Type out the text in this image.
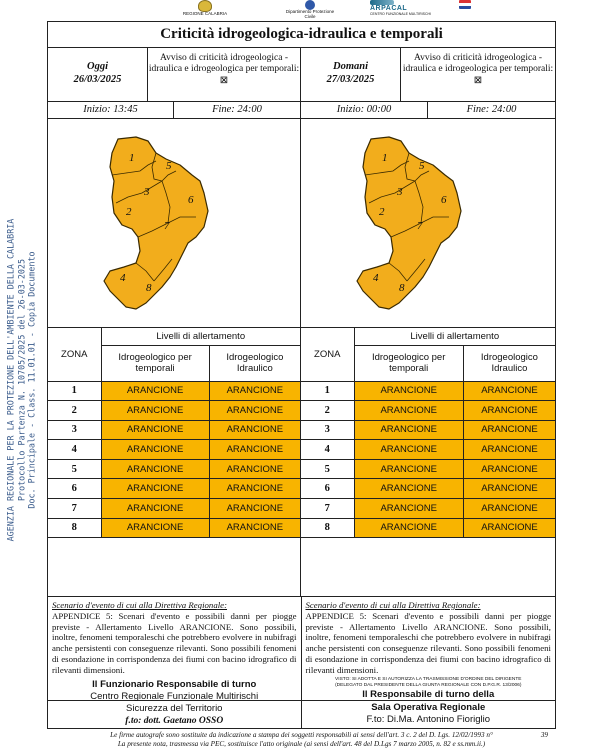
REGIONE CALABRIA	Dipartimento Protezione Civile
ARPACAL
CENTRO FUNZIONALE MULTIRISCHI
AGENZIA REGIONALE PER LA PROTEZIONE DELL'AMBIENTE DELLA CALABRIA Protocollo Partenza N. 10705/2025 del 26-03-2025 Doc. Principale - Class. 11.01.01 - Copia Documento
Criticità idrogeologica-idraulica e temporali
Oggi
26/03/2025
Avviso di criticità idrogeologica - idraulica e idrogeologica per temporali:
⊠
Inizio: 13:45	Fine: 24:00
1
2
3
4
5
6
7
8
ZONA	Livelli di allertamento	
	Idrogeologico per temporali	Idrogeologico Idraulico
1	ARANCIONE	ARANCIONE
2	ARANCIONE	ARANCIONE
3	ARANCIONE	ARANCIONE
4	ARANCIONE	ARANCIONE
5	ARANCIONE	ARANCIONE
6	ARANCIONE	ARANCIONE
7	ARANCIONE	ARANCIONE
8	ARANCIONE	ARANCIONE
Domani
27/03/2025
Avviso di criticità idrogeologica - idraulica e idrogeologica per temporali:
⊠
Inizio: 00:00	Fine: 24:00
1
2
3
4
5
6
7
8
ZONA	Livelli di allertamento	
	Idrogeologico per temporali	Idrogeologico Idraulico
1	ARANCIONE	ARANCIONE
2	ARANCIONE	ARANCIONE
3	ARANCIONE	ARANCIONE
4	ARANCIONE	ARANCIONE
5	ARANCIONE	ARANCIONE
6	ARANCIONE	ARANCIONE
7	ARANCIONE	ARANCIONE
8	ARANCIONE	ARANCIONE
Scenario d'evento di cui alla Direttiva Regionale:
APPENDICE 5: Scenari d'evento e possibili danni per piogge previste - Allertamento Livello ARANCIONE. Sono possibili, inoltre, fenomeni temporaleschi che potrebbero evolvere in nubifragi anche persistenti con conseguenze rilevanti. Sono possibili fenomeni di esondazione in corrispondenza dei fiumi con bacino idrografico di rilevanti dimensioni.
Scenario d'evento di cui alla Direttiva Regionale:
APPENDICE 5: Scenari d'evento e possibili danni per piogge previste - Allertamento Livello ARANCIONE. Sono possibili, inoltre, fenomeni temporaleschi che potrebbero evolvere in nubifragi anche persistenti con conseguenze rilevanti. Sono possibili fenomeni di esondazione in corrispondenza dei fiumi con bacino idrografico di rilevanti dimensioni.
Il Funzionario Responsabile di turno
Centro Regionale Funzionale Multirischi
Sicurezza del Territorio
f.to: dott. Gaetano OSSO
VISTO: SI ADOTTA E SI AUTORIZZA LA TRASMISSIONE D'ORDINE DEL DIRIGENTE
(DELEGATO DAL PRESIDENTE DELLA GIUNTA REGIONALE CON D.P.G.R. 13/2006)
Il Responsabile di turno della
Sala Operativa Regionale
F.to: Di.Ma. Antonino Fioriglio
Le firme autografe sono sostituite da indicazione a stampa dei soggetti responsabili ai sensi dell'art. 3 c. 2 del D. Lgs. 12/02/1993 n°
La presente nota, trasmessa via PEC, sostituisce l'atto originale (ai sensi dell'art. 48 del D.Lgs 7 marzo 2005, n. 82 e ss.mm.ii.)
39
